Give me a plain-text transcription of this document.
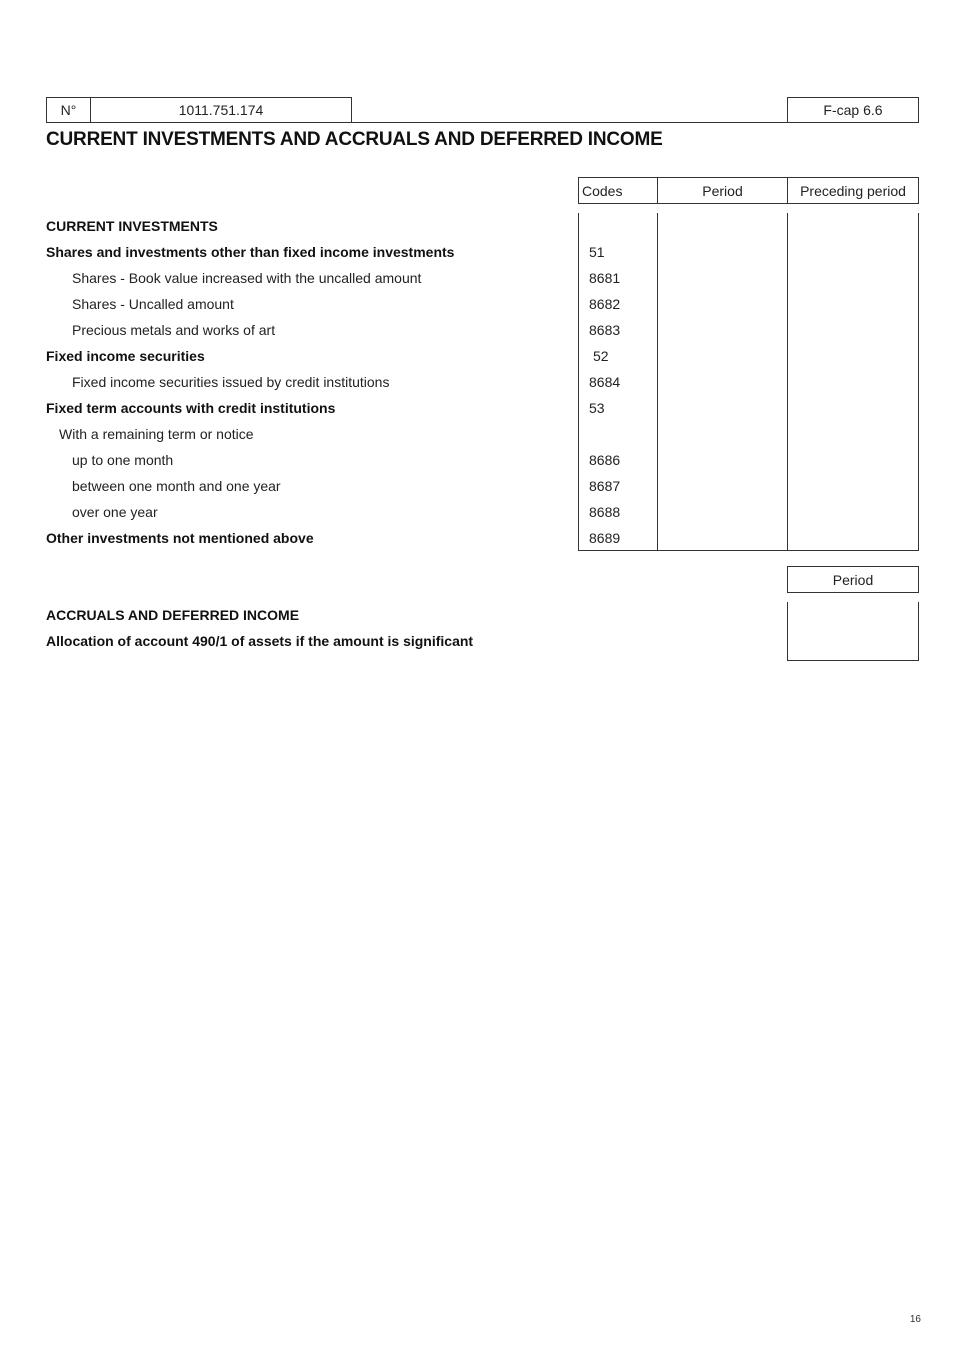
N°	1011.751.174	F-cap 6.6
CURRENT INVESTMENTS AND ACCRUALS AND DEFERRED INCOME
Codes	Period	Preceding period
CURRENT INVESTMENTS
Shares and investments other than fixed income investments	51
Shares - Book value increased with the uncalled amount	8681
Shares - Uncalled amount	8682
Precious metals and works of art	8683
Fixed income securities	52
Fixed income securities issued by credit institutions	8684
Fixed term accounts with credit institutions	53
With a remaining term or notice
up to one month	8686
between one month and one year	8687
over one year	8688
Other investments not mentioned above	8689
Period
ACCRUALS AND DEFERRED INCOME
Allocation of account 490/1 of assets if the amount is significant
16
